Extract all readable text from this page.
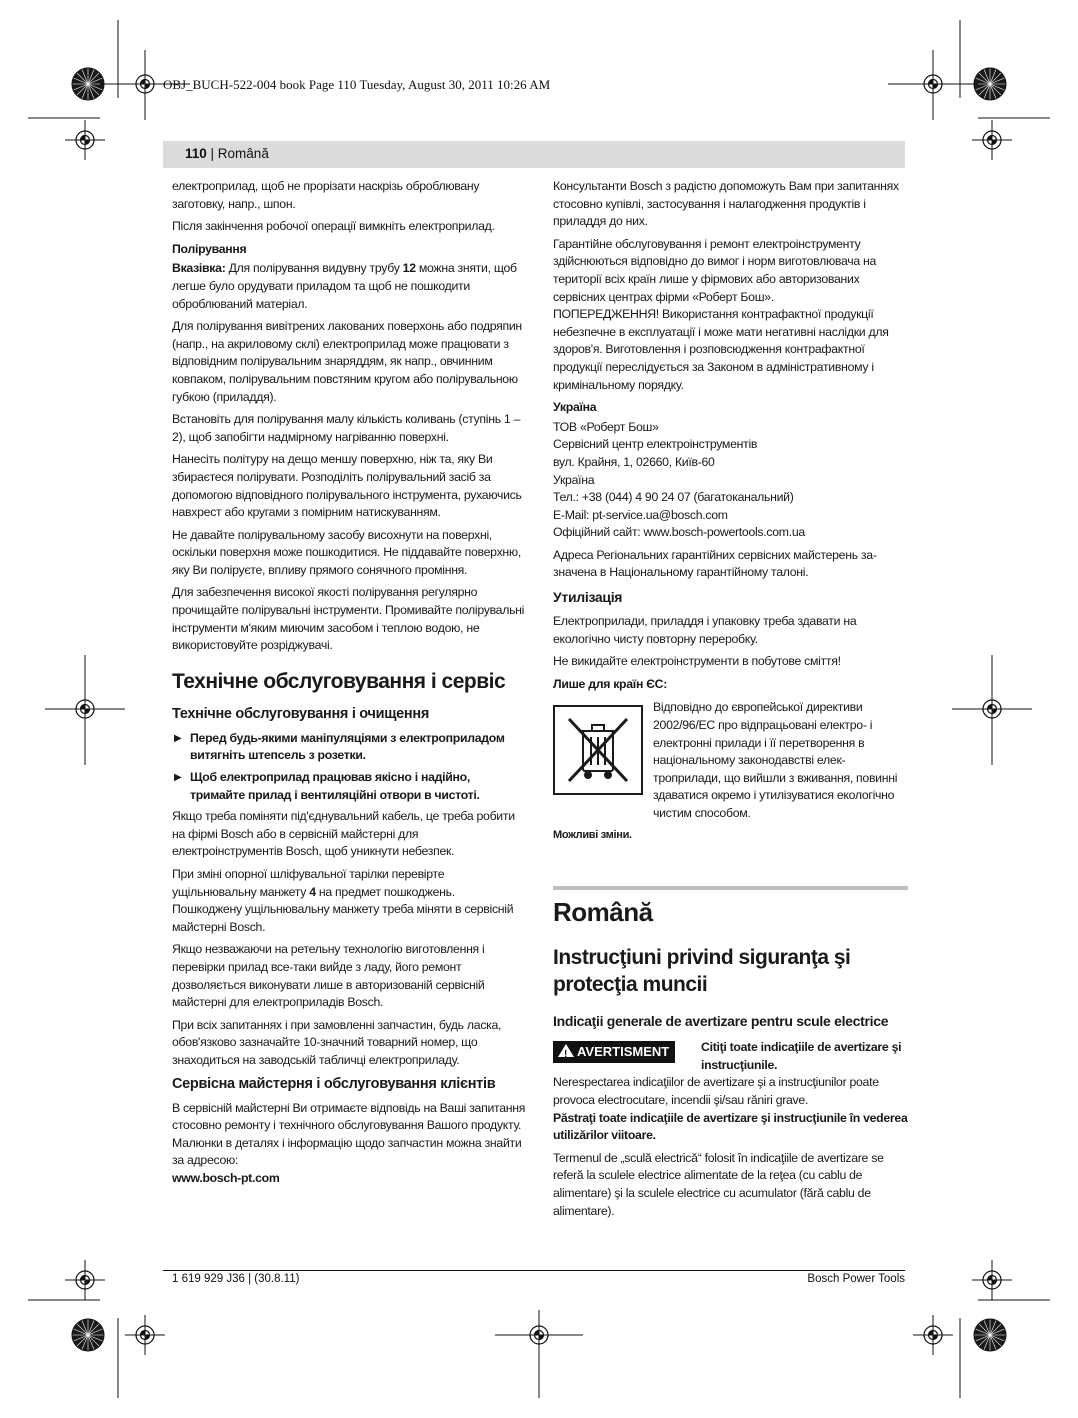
OBJ_BUCH-522-004 book Page 110 Tuesday, August 30, 2011 10:26 AM
110 | Română

електроприлад, щоб не прорізати наскрізь оброблювану заготовку, напр., шпон.

Після закінчення робочої операції вимкніть електроприлад.

Полірування

Вказівка: Для полірування видувну трубу 12 можна зняти, щоб легше було орудувати приладом та щоб не пошкодити оброблюваний матеріал.

Для полірування вивітрених лакованих поверхонь або подряпин (напр., на акриловому склі) електроприлад може працювати з відповідним полірувальним знаряддям, як напр., овчинним ковпаком, полірувальним повстяним кругом або полірувальною губкою (приладдя).

Встановіть для полірування малу кількість коливань (ступінь 1 – 2), щоб запобігти надмірному нагріванню поверхні.

Нанесіть політуру на дещо меншу поверхню, ніж та, яку Ви збираєтеся полірувати. Розподіліть полірувальний засіб за допомогою відповідного полірувального інструмента, рухаючись навхрест або кругами з помірним натискуванням.

Не давайте полірувальному засобу висохнути на поверхні, оскільки поверхня може пошкодитися. Не піддавайте поверхню, яку Ви поліруєте, впливу прямого сонячного проміння.

Для забезпечення високої якості полірування регулярно прочищайте полірувальні інструменти. Промивайте полірувальні інструменти м'яким миючим засобом і теплою водою, не використовуйте розріджувачі.

Технічне обслуговування і сервіс
Технічне обслуговування і очищення
▶ Перед будь-якими маніпуляціями з електроприладом витягніть штепсель з розетки.
▶ Щоб електроприлад працював якісно і надійно, тримайте прилад і вентиляційні отвори в чистоті.

Якщо треба поміняти під'єднувальний кабель, це треба робити на фірмі Bosch або в сервісній майстерні для електроінструментів Bosch, щоб уникнути небезпек.

При зміні опорної шліфувальної тарілки перевірте ущільнювальну манжету 4 на предмет пошкоджень. Пошкоджену ущільнювальну манжету треба міняти в сервісній майстерні Bosch.

Якщо незважаючи на ретельну технологію виготовлення і перевірки прилад все-таки вийде з ладу, його ремонт дозволяється виконувати лише в авторизованій сервісній майстерні для електроприладів Bosch.

При всіх запитаннях і при замовленні запчастин, будь ласка, обов'язково зазначайте 10-значний товарний номер, що знаходиться на заводській табличці електроприладу.

Сервісна майстерня і обслуговування клієнтів

В сервісній майстерні Ви отримаєте відповідь на Ваші запитання стосовно ремонту і технічного обслуговування Вашого продукту. Малюнки в деталях і інформацію щодо запчастин можна знайти за адресою:

www.bosch-pt.com

Консультанти Bosch з радістю допоможуть Вам при запитаннях стосовно купівлі, застосування і налагодження продуктів і приладдя до них.

Гарантійне обслуговування і ремонт електроінструменту здійснюються відповідно до вимог і норм виготовлювача на території всіх країн лише у фірмових або авторизованих сервісних центрах фірми «Роберт Бош».

ПОПЕРЕДЖЕННЯ! Використання контрафактної продукції небезпечне в експлуатації і може мати негативні наслідки для здоров'я. Виготовлення і розповсюдження контрафактної продукції переслідується за Законом в адміністративному і кримінальному порядку.

Україна
ТОВ «Роберт Бош»
Сервісний центр електроінструментів
вул. Крайня, 1, 02660, Київ-60
Україна
Тел.: +38 (044) 4 90 24 07 (багатоканальний)
E-Mail: pt-service.ua@bosch.com
Офіційний сайт: www.bosch-powertools.com.ua

Адреса Регіональних гарантійних сервісних майстерень зазначена в Національному гарантійному талоні.

Утилізація

Електроприлади, приладдя і упаковку треба здавати на екологічно чисту повторну переробку.

Не викидайте електроінструменти в побутове сміття!

Лише для країн ЄС:
Відповідно до європейської директиви 2002/96/ЕС про відпрацьовані електро- і електронні прилади і її перетворення в національному законодавстві електроприлади, що вийшли з вживання, повинні здаватися окремо і утилізуватися екологічно чистим способом.

Можливі зміни.

Română
Instrucţiuni privind siguranţa şi protecţia muncii
Indicaţii generale de avertizare pentru scule electrice
! AVERTISMENT	Citiţi toate indicaţiile de avertizare şi instrucţiunile.

Nerespectarea indicaţiilor de avertizare şi a instrucţiunilor poate provoca electrocutare, incendii şi/sau răniri grave.

Păstraţi toate indicaţiile de avertizare şi instrucţiunile în vederea utilizărilor viitoare.

Termenul de „sculă electrică“ folosit în indicaţiile de avertizare se referă la sculele electrice alimentate de la reţea (cu cablu de alimentare) şi la sculele electrice cu acumulator (fără cablu de alimentare).

1 619 929 J36 | (30.8.11)	Bosch Power Tools
